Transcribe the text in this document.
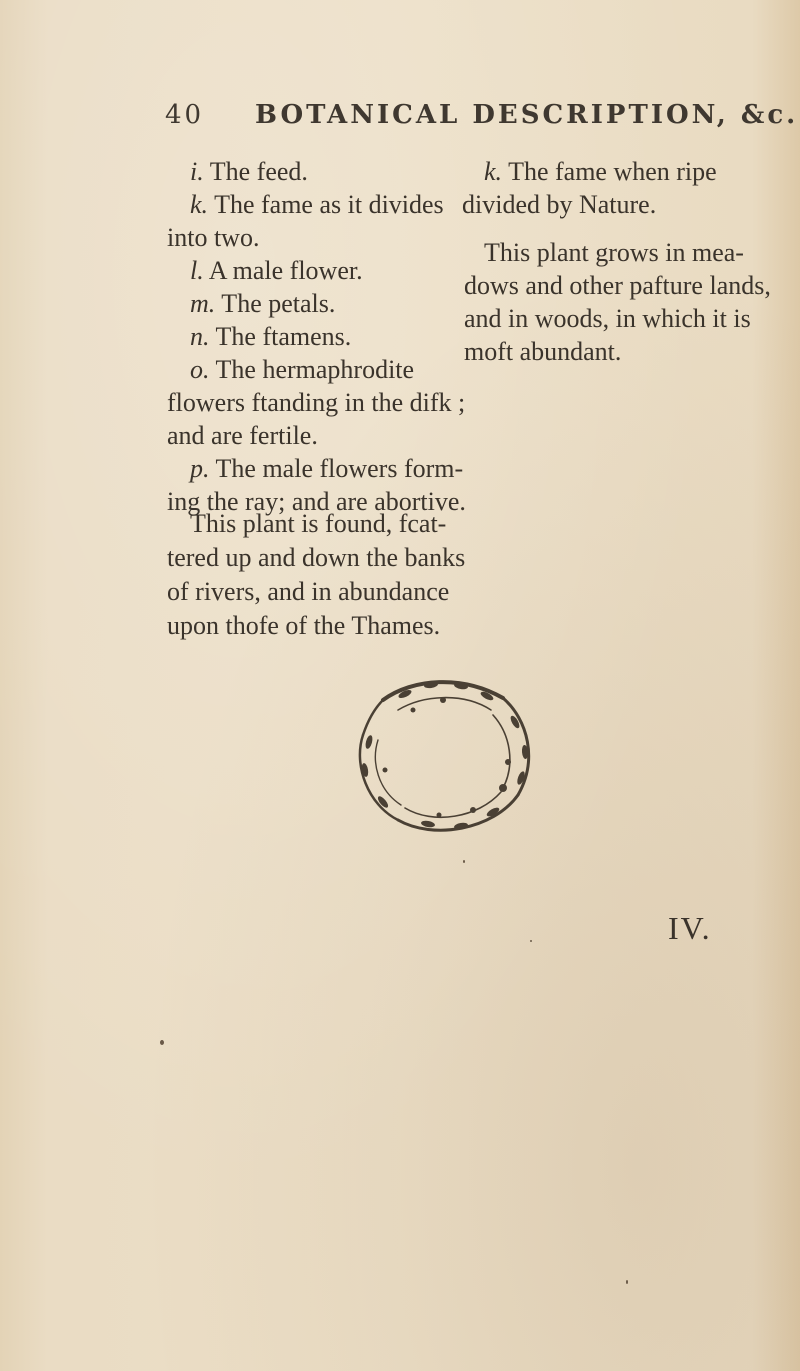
40 BOTANICAL DESCRIPTION, &c.
i. The feed.
k. The fame as it divides
into two.
l. A male flower.
m. The petals.
n. The ftamens.
o. The hermaphrodite
flowers ftanding in the difk ;
and are fertile.
p. The male flowers form-
ing the ray; and are abortive.
This plant is found, fcat-
tered up and down the banks
of rivers, and in abundance
upon thofe of the Thames.
k. The fame when ripe
divided by Nature.
This plant grows in mea-
dows and other pafture lands,
and in woods, in which it is
moft abundant.
IV.
